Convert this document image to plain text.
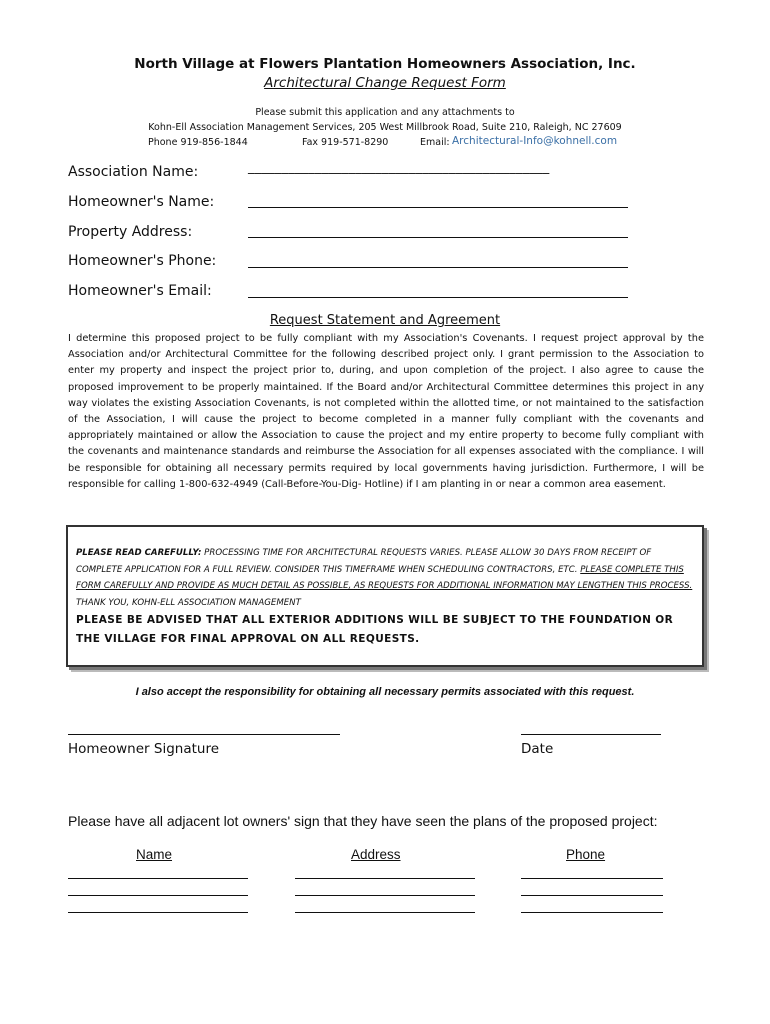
North Village at Flowers Plantation Homeowners Association, Inc.
Architectural Change Request Form
Please submit this application and any attachments to
Kohn-Ell Association Management Services, 205 West Millbrook Road, Suite 210, Raleigh, NC 27609
Phone 919-856-1844	Fax 919-571-8290	Email: Architectural-Info@kohnell.com
Association Name:	_____________________________________________
Homeowner's Name:
Property Address:
Homeowner's Phone:
Homeowner's Email:
Request Statement and Agreement
I determine this proposed project to be fully compliant with my Association's Covenants. I request project approval by the Association and/or Architectural Committee for the following described project only. I grant permission to the Association to enter my property and inspect the project prior to, during, and upon completion of the project. I also agree to cause the proposed improvement to be properly maintained. If the Board and/or Architectural Committee determines this project in any way violates the existing Association Covenants, is not completed within the allotted time, or not maintained to the satisfaction of the Association, I will cause the project to become completed in a manner fully compliant with the covenants and appropriately maintained or allow the Association to cause the project and my entire property to become fully compliant with the covenants and maintenance standards and reimburse the Association for all expenses associated with the compliance. I will be responsible for obtaining all necessary permits required by local governments having jurisdiction. Furthermore, I will be responsible for calling 1-800-632-4949 (Call-Before-You-Dig- Hotline) if I am planting in or near a common area easement.
PLEASE READ CAREFULLY: PROCESSING TIME FOR ARCHITECTURAL REQUESTS VARIES. PLEASE ALLOW 30 DAYS FROM RECEIPT OF COMPLETE APPLICATION FOR A FULL REVIEW. CONSIDER THIS TIMEFRAME WHEN SCHEDULING CONTRACTORS, ETC. PLEASE COMPLETE THIS FORM CAREFULLY AND PROVIDE AS MUCH DETAIL AS POSSIBLE, AS REQUESTS FOR ADDITIONAL INFORMATION MAY LENGTHEN THIS PROCESS. THANK YOU, KOHN-ELL ASSOCIATION MANAGEMENT
PLEASE BE ADVISED THAT ALL EXTERIOR ADDITIONS WILL BE SUBJECT TO THE FOUNDATION OR THE VILLAGE FOR FINAL APPROVAL ON ALL REQUESTS.
I also accept the responsibility for obtaining all necessary permits associated with this request.
Homeowner Signature	Date
Please have all adjacent lot owners' sign that they have seen the plans of the proposed project:
Name	Address	Phone
